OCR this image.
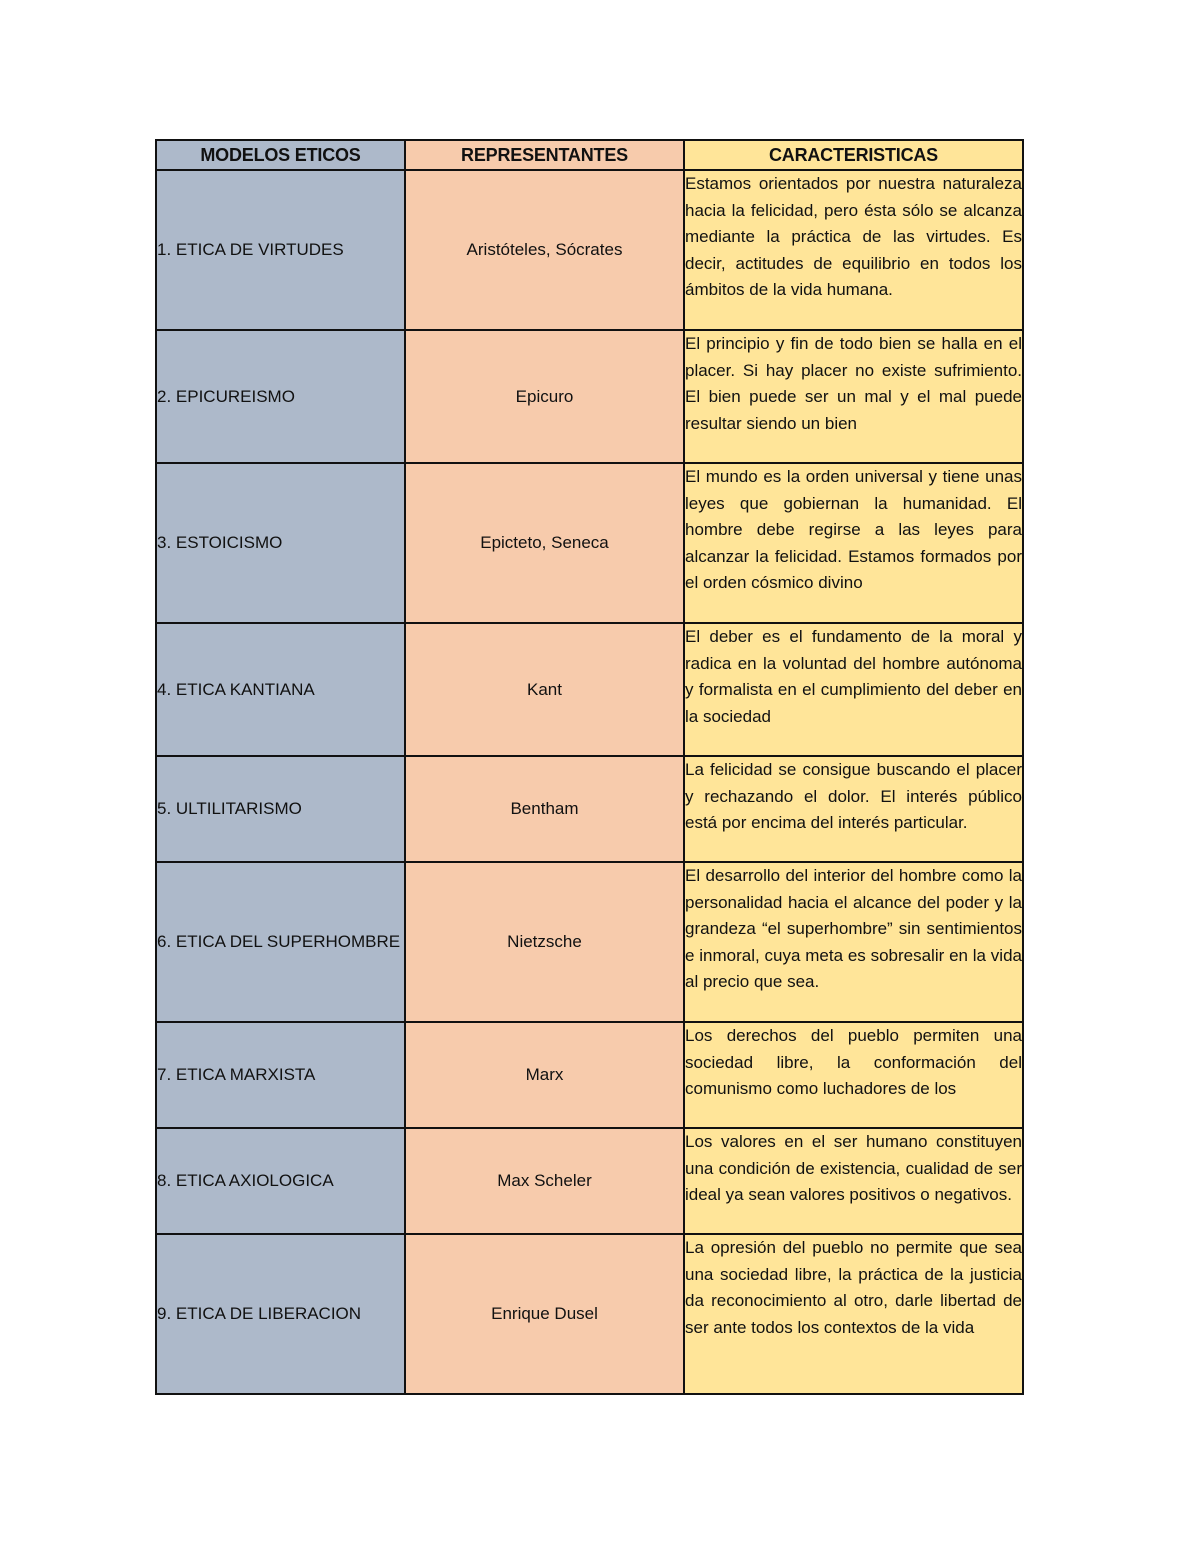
MODELOS ETICOS	REPRESENTANTES	CARACTERISTICAS
1. ETICA DE VIRTUDES	Aristóteles, Sócrates	Estamos orientados por nuestra naturaleza hacia la felicidad, pero ésta sólo se alcanza mediante la práctica de las virtudes. Es decir, actitudes de equilibrio en todos los ámbitos de la vida humana.
2. EPICUREISMO	Epicuro	El principio y fin de todo bien se halla en el placer. Si hay placer no existe sufrimiento. El bien puede ser un mal y el mal puede resultar siendo un bien
3. ESTOICISMO	Epicteto, Seneca	El mundo es la orden universal y tiene unas leyes que gobiernan la humanidad. El hombre debe regirse a las leyes para alcanzar la felicidad. Estamos formados por el orden cósmico divino
4. ETICA KANTIANA	Kant	El deber es el fundamento de la moral y radica en la voluntad del hombre autónoma y formalista en el cumplimiento del deber en la sociedad
5. ULTILITARISMO	Bentham	La felicidad se consigue buscando el placer y rechazando el dolor. El interés público está por encima del interés particular.
6. ETICA DEL SUPERHOMBRE	Nietzsche	El desarrollo del interior del hombre como la personalidad hacia el alcance del poder y la grandeza “el superhombre” sin sentimientos e inmoral, cuya meta es sobresalir en la vida al precio que sea.
7. ETICA MARXISTA	Marx	Los derechos del pueblo permiten una sociedad libre, la conformación del comunismo como luchadores de los
8. ETICA AXIOLOGICA	Max Scheler	Los valores en el ser humano constituyen una condición de existencia, cualidad de ser ideal ya sean valores positivos o negativos.
9. ETICA DE LIBERACION	Enrique Dusel	La opresión del pueblo no permite que sea una sociedad libre, la práctica de la justicia da reconocimiento al otro, darle libertad de ser ante todos los contextos de la vida
